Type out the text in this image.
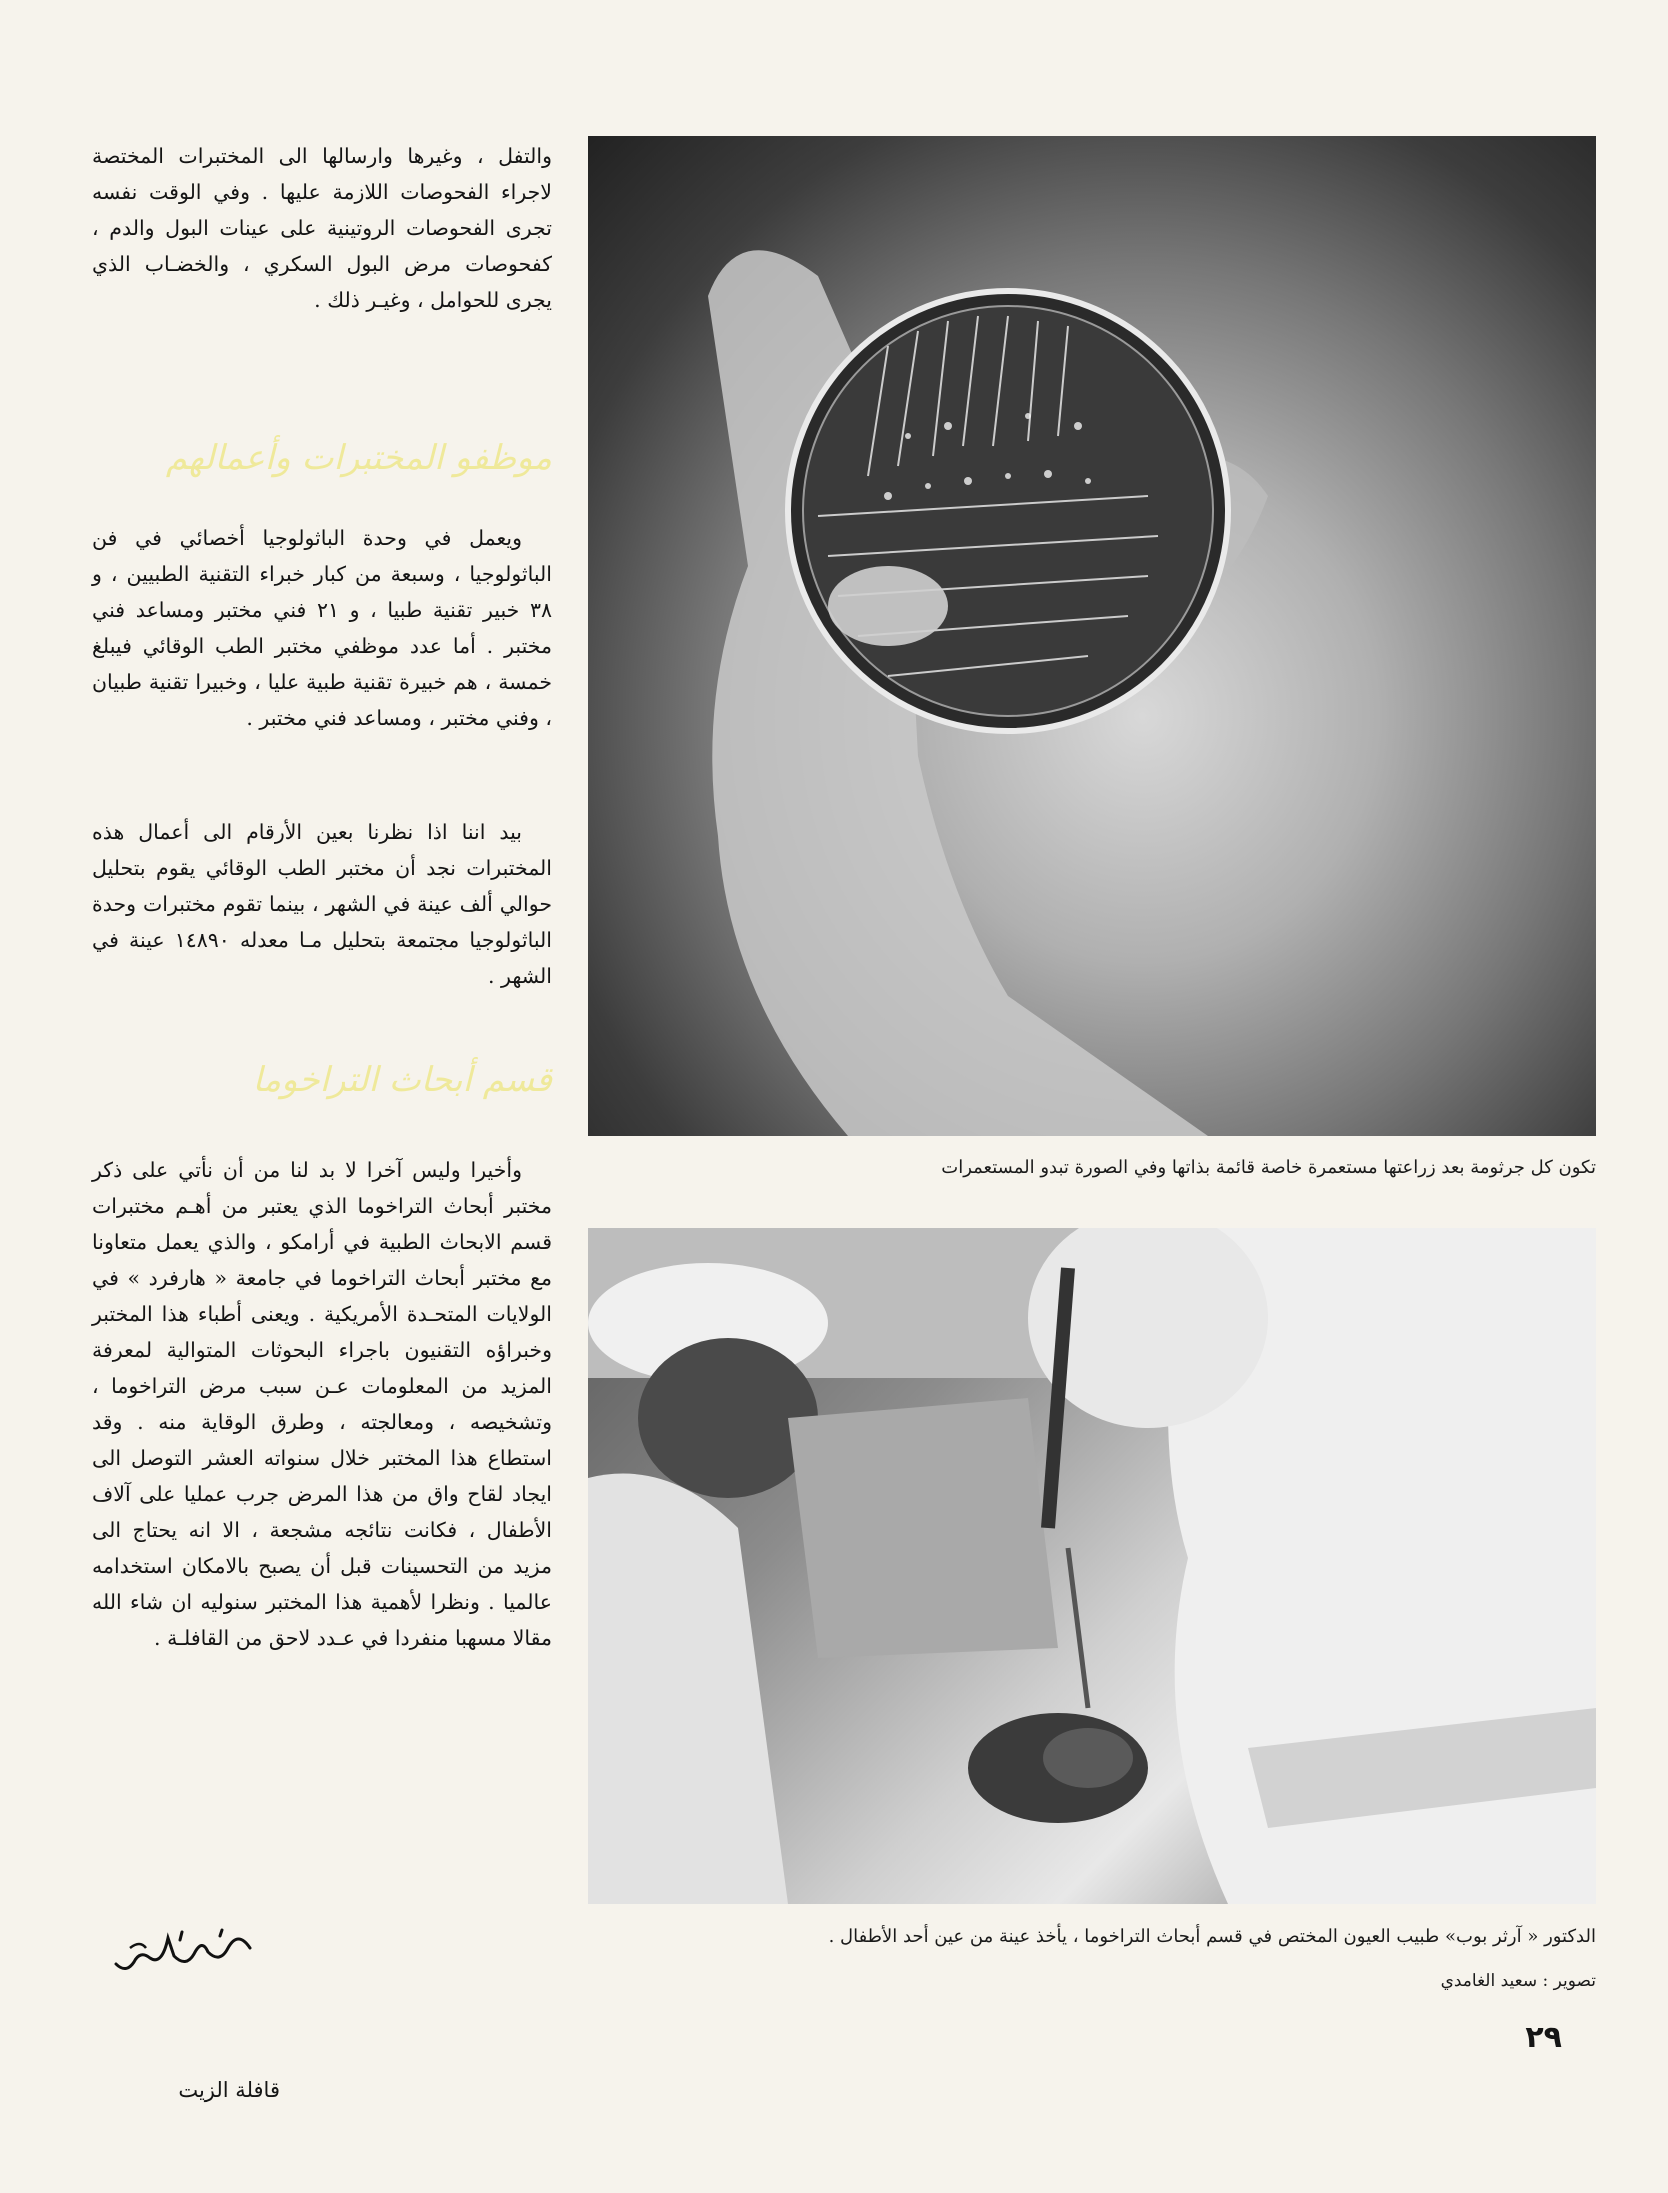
تكون كل جرثومة بعد زراعتها مستعمرة خاصة قائمة بذاتها وفي الصورة تبدو المستعمرات
الدكتور « آرثر بوب» طبيب العيون المختص في قسم أبحاث التراخوما ، يأخذ عينة من عين أحد الأطفال .
تصوير : سعيد الغامدي

والتفل ، وغيرها وارسالها الى المختبرات المختصة لاجراء الفحوصات اللازمة عليها . وفي الوقت نفسه تجرى الفحوصات الروتينية على عينات البول والدم ، كفحوصات مرض البول السكري ، والخضـاب الذي يجرى للحوامل ، وغيـر ذلك .

موظفو المختبرات وأعمالهم

ويعمل في وحدة الباثولوجيا أخصائي في فن الباثولوجيا ، وسبعة من كبار خبراء التقنية الطبيين ، و ٣٨ خبير تقنية طبيا ، و ٢١ فني مختبر ومساعد فني مختبر . أما عدد موظفي مختبر الطب الوقائي فيبلغ خمسة ، هم خبيرة تقنية طبية عليا ، وخبيرا تقنية طبيان ، وفني مختبر ، ومساعد فني مختبر .

بيد اننا اذا نظرنا بعين الأرقام الى أعمال هذه المختبرات نجد أن مختبر الطب الوقائي يقوم بتحليل حوالي ألف عينة في الشهر ، بينما تقوم مختبرات وحدة الباثولوجيا مجتمعة بتحليل مـا معدله ١٤٨٩٠ عينة في الشهر .

قسم أبحاث التراخوما

وأخيرا وليس آخرا لا بد لنا من أن نأتي على ذكر مختبر أبحاث التراخوما الذي يعتبر من أهـم مختبرات قسم الابحاث الطبية في أرامكو ، والذي يعمل متعاونا مع مختبر أبحاث التراخوما في جامعة « هارفرد » في الولايات المتحـدة الأمريكية . ويعنى أطباء هذا المختبر وخبراؤه التقنيون باجراء البحوثات المتوالية لمعرفة المزيد من المعلومات عـن سبب مرض التراخوما ، وتشخيصه ، ومعالجته ، وطرق الوقاية منه . وقد استطاع هذا المختبر خلال سنواته العشر التوصل الى ايجاد لقاح واق من هذا المرض جرب عمليا على آلاف الأطفال ، فكانت نتائجه مشجعة ، الا انه يحتاج الى مزيد من التحسينات قبل أن يصبح بالامكان استخدامه عالميا . ونظرا لأهمية هذا المختبر سنوليه ان شاء الله مقالا مسهبا منفردا في عـدد لاحق من القافلـة .

٢٩
قافلة الزيت
